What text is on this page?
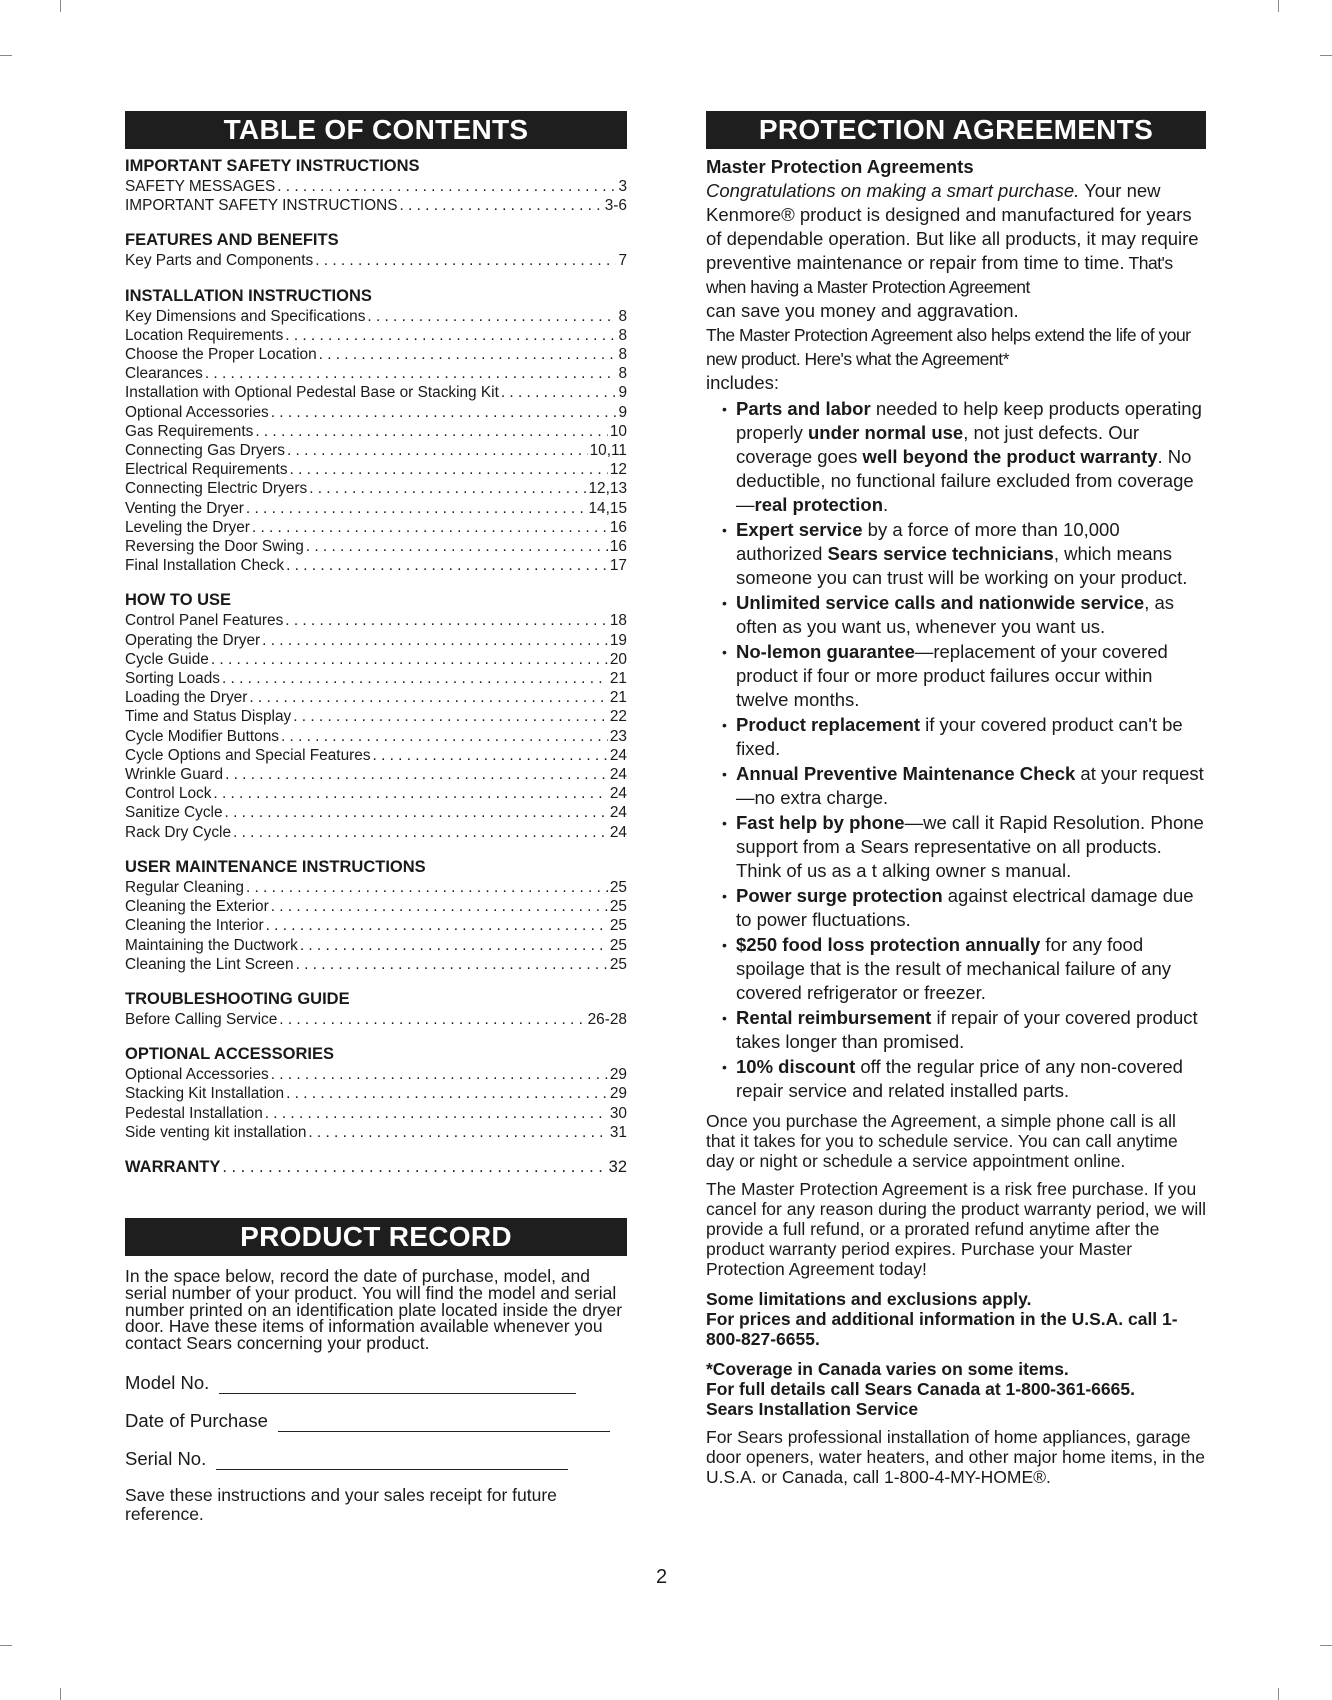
TABLE OF CONTENTS
IMPORTANT SAFETY INSTRUCTIONS
SAFETY MESSAGES . . .	3
IMPORTANT SAFETY INSTRUCTIONS . . .	3-6
FEATURES AND BENEFITS
Key Parts and Components . . .	7
INSTALLATION INSTRUCTIONS
Key Dimensions and Specifications . . .	8
Location Requirements . . .	8
Choose the Proper Location . . .	8
Clearances . . .	8
Installation with Optional Pedestal Base or Stacking Kit . . .	9
Optional Accessories . . .	9
Gas Requirements . . .	10
Connecting Gas Dryers . . .	10,11
Electrical Requirements . . .	12
Connecting Electric Dryers . . .	12,13
Venting the Dryer . . .	14,15
Leveling the Dryer . . .	16
Reversing the Door Swing . . .	16
Final Installation Check . . .	17
HOW TO USE
Control Panel Features . . .	18
Operating the Dryer . . .	19
Cycle Guide . . .	20
Sorting Loads . . .	21
Loading the Dryer . . .	21
Time and Status Display . . .	22
Cycle Modifier Buttons . . .	23
Cycle Options and Special Features . . .	24
Wrinkle Guard . . .	24
Control Lock . . .	24
Sanitize Cycle . . .	24
Rack Dry Cycle . . .	24
USER MAINTENANCE INSTRUCTIONS
Regular Cleaning . . .	25
Cleaning the Exterior . . .	25
Cleaning the Interior . . .	25
Maintaining the Ductwork . . .	25
Cleaning the Lint Screen . . .	25
TROUBLESHOOTING GUIDE
Before Calling Service . . .	26-28
OPTIONAL ACCESSORIES
Optional Accessories . . .	29
Stacking Kit Installation . . .	29
Pedestal Installation . . .	30
Side venting kit installation . . .	31
WARRANTY . . .	32
PRODUCT RECORD

In the space below, record the date of purchase, model, and serial number of your product. You will find the model and serial number printed on an identification plate located inside the dryer door. Have these items of information available whenever you contact Sears concerning your product.

Model No.
Date of Purchase
Serial No.
Save these instructions and your sales receipt for future reference.
2
PROTECTION AGREEMENTS
Master Protection Agreements

Congratulations on making a smart purchase. Your new Kenmore® product is designed and manufactured for years of dependable operation. But like all products, it may require preventive maintenance or repair from time to time. That's when having a Master Protection Agreement
can save you money and aggravation.

The Master Protection Agreement also helps extend the life of your new product. Here's what the Agreement*
includes:

• Parts and labor needed to help keep products operating properly under normal use, not just defects. Our coverage goes well beyond the product warranty. No deductible, no functional failure excluded from coverage—real protection.
• Expert service by a force of more than 10,000 authorized Sears service technicians, which means someone you can trust will be working on your product.
• Unlimited service calls and nationwide service, as often as you want us, whenever you want us.
• No-lemon guarantee—replacement of your covered product if four or more product failures occur within twelve months.
• Product replacement if your covered product can't be fixed.
• Annual Preventive Maintenance Check at your request—no extra charge.
• Fast help by phone—we call it Rapid Resolution. Phone support from a Sears representative on all products. Think of us as a t alking owner s manual.
• Power surge protection against electrical damage due to power fluctuations.
• $250 food loss protection annually for any food spoilage that is the result of mechanical failure of any covered refrigerator or freezer.
• Rental reimbursement if repair of your covered product takes longer than promised.
• 10% discount off the regular price of any non-covered repair service and related installed parts.
Once you purchase the Agreement, a simple phone call is all that it takes for you to schedule service. You can call anytime day or night or schedule a service appointment online.
The Master Protection Agreement is a risk free purchase. If you cancel for any reason during the product warranty period, we will provide a full refund, or a prorated refund anytime after the product warranty period expires. Purchase your Master Protection Agreement today!
Some limitations and exclusions apply.
For prices and additional information in the U.S.A. call 1-800-827-6655.
*Coverage in Canada varies on some items.
For full details call Sears Canada at 1-800-361-6665.
Sears Installation Service
For Sears professional installation of home appliances, garage door openers, water heaters, and other major home items, in the U.S.A. or Canada, call 1-800-4-MY-HOME®.
